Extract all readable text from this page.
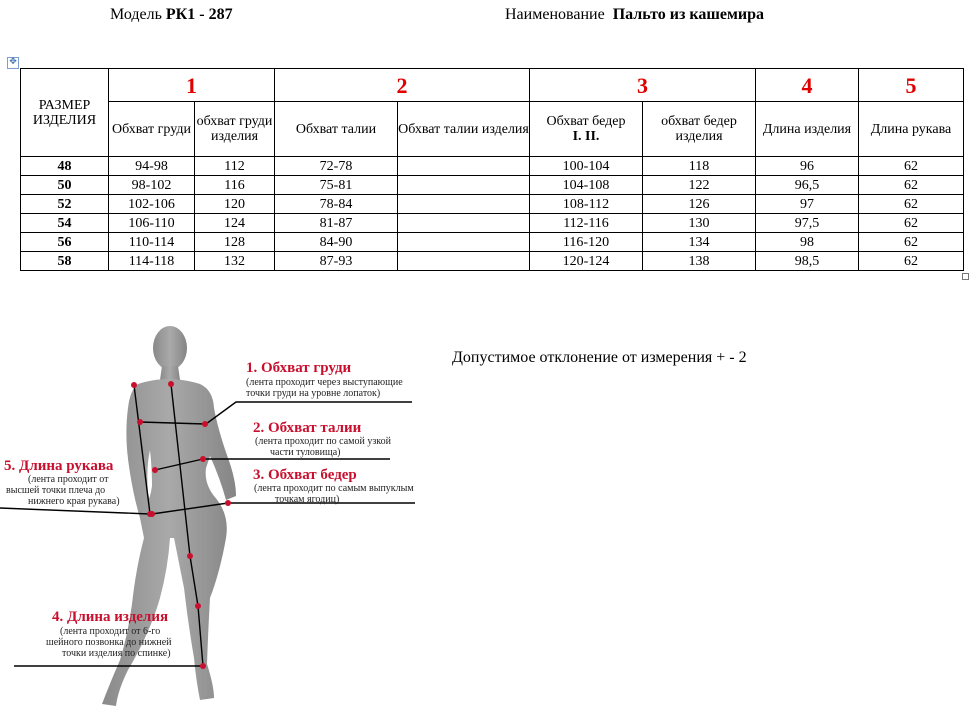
Модель РК1 - 287	Наименование Пальто из кашемира
✥
РАЗМЕР ИЗДЕЛИЯ	1		2		3		4	5
	Обхват груди	обхват груди изделия	Обхват талии	Обхват талии изделия	Обхват бедер
I. II.	обхват бедер изделия	Длина изделия	Длина рукава
48	94-98	112	72-78		100-104	118	96	62
50	98-102	116	75-81		104-108	122	96,5	62
52	102-106	120	78-84		108-112	126	97	62
54	106-110	124	81-87		112-116	130	97,5	62
56	110-114	128	84-90		116-120	134	98	62
58	114-118	132	87-93		120-124	138	98,5	62
Допустимое отклонение от измерения + - 2
1. Обхват груди
(лента проходит через выступающие
точки груди на уровне лопаток)
2. Обхват талии
(лента проходит по самой узкой
части туловища)
3. Обхват бедер
(лента проходит по самым выпуклым
точкам ягодиц)
5. Длина рукава
(лента проходит от
высшей точки плеча до
нижнего края рукава)
4. Длина изделия
(лента проходит от 6-го
шейного позвонка до нижней
точки изделия по спинке)
